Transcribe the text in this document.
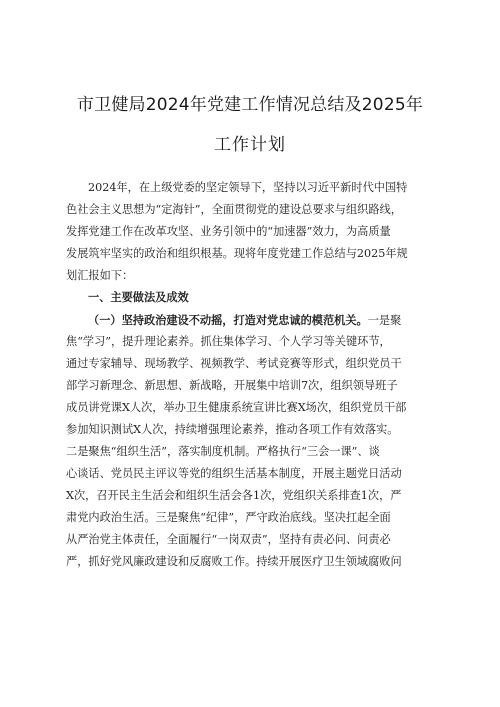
市卫健局2024年党建工作情况总结及2025年
工作计划
2024年，在上级党委的坚定领导下，坚持以习近平新时代中国特
色社会主义思想为“定海针”，全面贯彻党的建设总要求与组织路线，
发挥党建工作在改革攻坚、业务引领中的“加速器”效力，为高质量
发展筑牢坚实的政治和组织根基。现将年度党建工作总结与2025年规
划汇报如下：
一、主要做法及成效
（一）坚持政治建设不动摇，打造对党忠诚的模范机关。一是聚
焦“学习”，提升理论素养。抓住集体学习、个人学习等关键环节，
通过专家辅导、现场教学、视频教学、考试竞赛等形式，组织党员干
部学习新理念、新思想、新战略，开展集中培训7次，组织领导班子
成员讲党课X人次，举办卫生健康系统宣讲比赛X场次，组织党员干部
参加知识测试X人次，持续增强理论素养，推动各项工作有效落实。
二是聚焦“组织生活”，落实制度机制。严格执行“三会一课”、谈
心谈话、党员民主评议等党的组织生活基本制度，开展主题党日活动
X次，召开民主生活会和组织生活会各1次，党组织关系排查1次，严
肃党内政治生活。三是聚焦“纪律”，严守政治底线。坚决扛起全面
从严治党主体责任，全面履行“一岗双责”，坚持有责必问、问责必
严，抓好党风廉政建设和反腐败工作。持续开展医疗卫生领域腐败问
